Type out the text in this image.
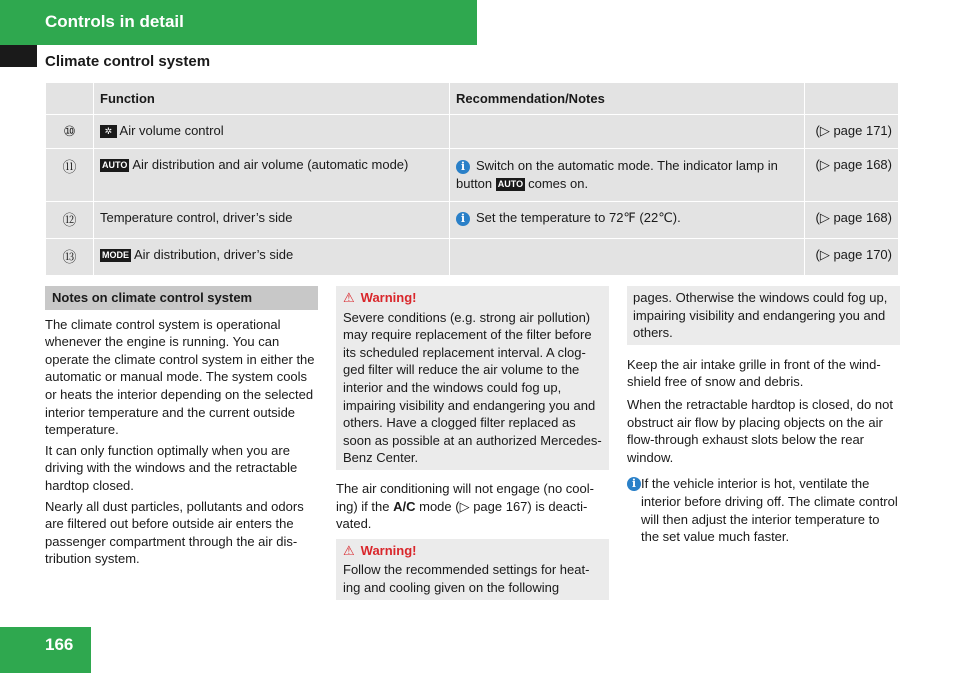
Controls in detail
Climate control system
	Function	Recommendation/Notes	
⑩	✲ Air volume control		(▷ page 171)
⑪	AUTO Air distribution and air volume (automatic mode)	i Switch on the automatic mode. The indicator lamp in button AUTO comes on.	(▷ page 168)
⑫	Temperature control, driver’s side	i Set the temperature to 72℉ (22℃).	(▷ page 168)
⑬	MODE Air distribution, driver’s side		(▷ page 170)
Notes on climate control system

The climate control system is operational whenever the engine is running. You can operate the climate control system in either the automatic or manual mode. The system cools or heats the interior depending on the selected interior temperature and the current outside temperature.

It can only function optimally when you are driving with the windows and the retractable hardtop closed.

Nearly all dust particles, pollutants and odors are filtered out before outside air enters the passenger compartment through the air distribution system.

⚠ Warning!
Severe conditions (e.g. strong air pollution) may require replacement of the filter before its scheduled replacement interval. A clogged filter will reduce the air volume to the interior and the windows could fog up, impairing visibility and endangering you and others. Have a clogged filter replaced as soon as possible at an authorized Mercedes-Benz Center.

The air conditioning will not engage (no cooling) if the A/C mode (▷ page 167) is deactivated.

⚠ Warning!
Follow the recommended settings for heating and cooling given on the following
pages. Otherwise the windows could fog up, impairing visibility and endangering you and others.

Keep the air intake grille in front of the windshield free of snow and debris.

When the retractable hardtop is closed, do not obstruct air flow by placing objects on the air flow-through exhaust slots below the rear window.

i If the vehicle interior is hot, ventilate the interior before driving off. The climate control will then adjust the interior temperature to the set value much faster.

166
